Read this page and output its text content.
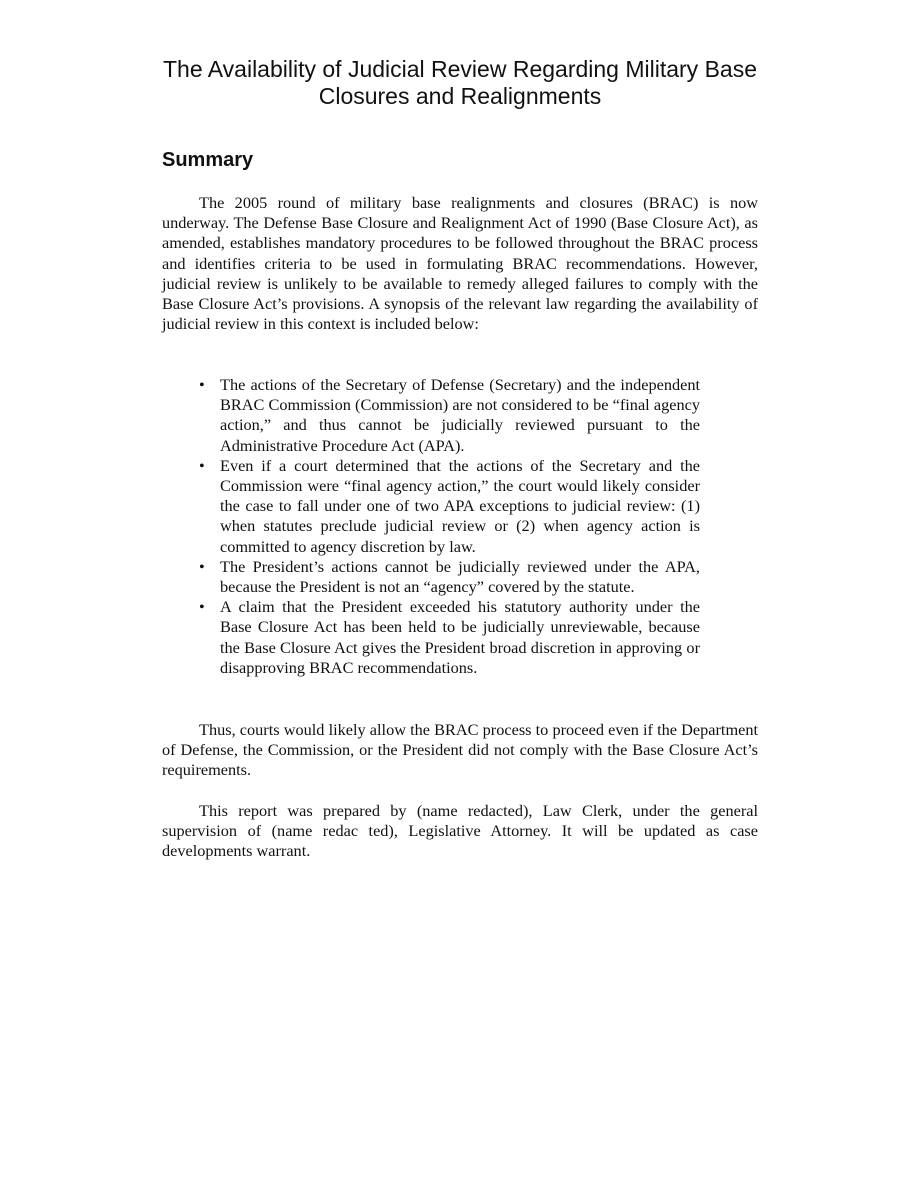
The Availability of Judicial Review Regarding Military Base Closures and Realignments
Summary

The 2005 round of military base realignments and closures (BRAC) is now underway. The Defense Base Closure and Realignment Act of 1990 (Base Closure Act), as amended, establishes mandatory procedures to be followed throughout the BRAC process and identifies criteria to be used in formulating BRAC recommendations. However, judicial review is unlikely to be available to remedy alleged failures to comply with the Base Closure Act’s provisions. A synopsis of the relevant law regarding the availability of judicial review in this context is included below:

• The actions of the Secretary of Defense (Secretary) and the independent BRAC Commission (Commission) are not considered to be “final agency action,” and thus cannot be judicially reviewed pursuant to the Administrative Procedure Act (APA).
• Even if a court determined that the actions of the Secretary and the Commission were “final agency action,” the court would likely consider the case to fall under one of two APA exceptions to judicial review: (1) when statutes preclude judicial review or (2) when agency action is committed to agency discretion by law.
• The President’s actions cannot be judicially reviewed under the APA, because the President is not an “agency” covered by the statute.
• A claim that the President exceeded his statutory authority under the Base Closure Act has been held to be judicially unreviewable, because the Base Closure Act gives the President broad discretion in approving or disapproving BRAC recommendations.

Thus, courts would likely allow the BRAC process to proceed even if the Department of Defense, the Commission, or the President did not comply with the Base Closure Act’s requirements.

This report was prepared by (name redacted), Law Clerk, under the general supervision of (name redac ted), Legislative Attorney. It will be updated as case developments warrant.
